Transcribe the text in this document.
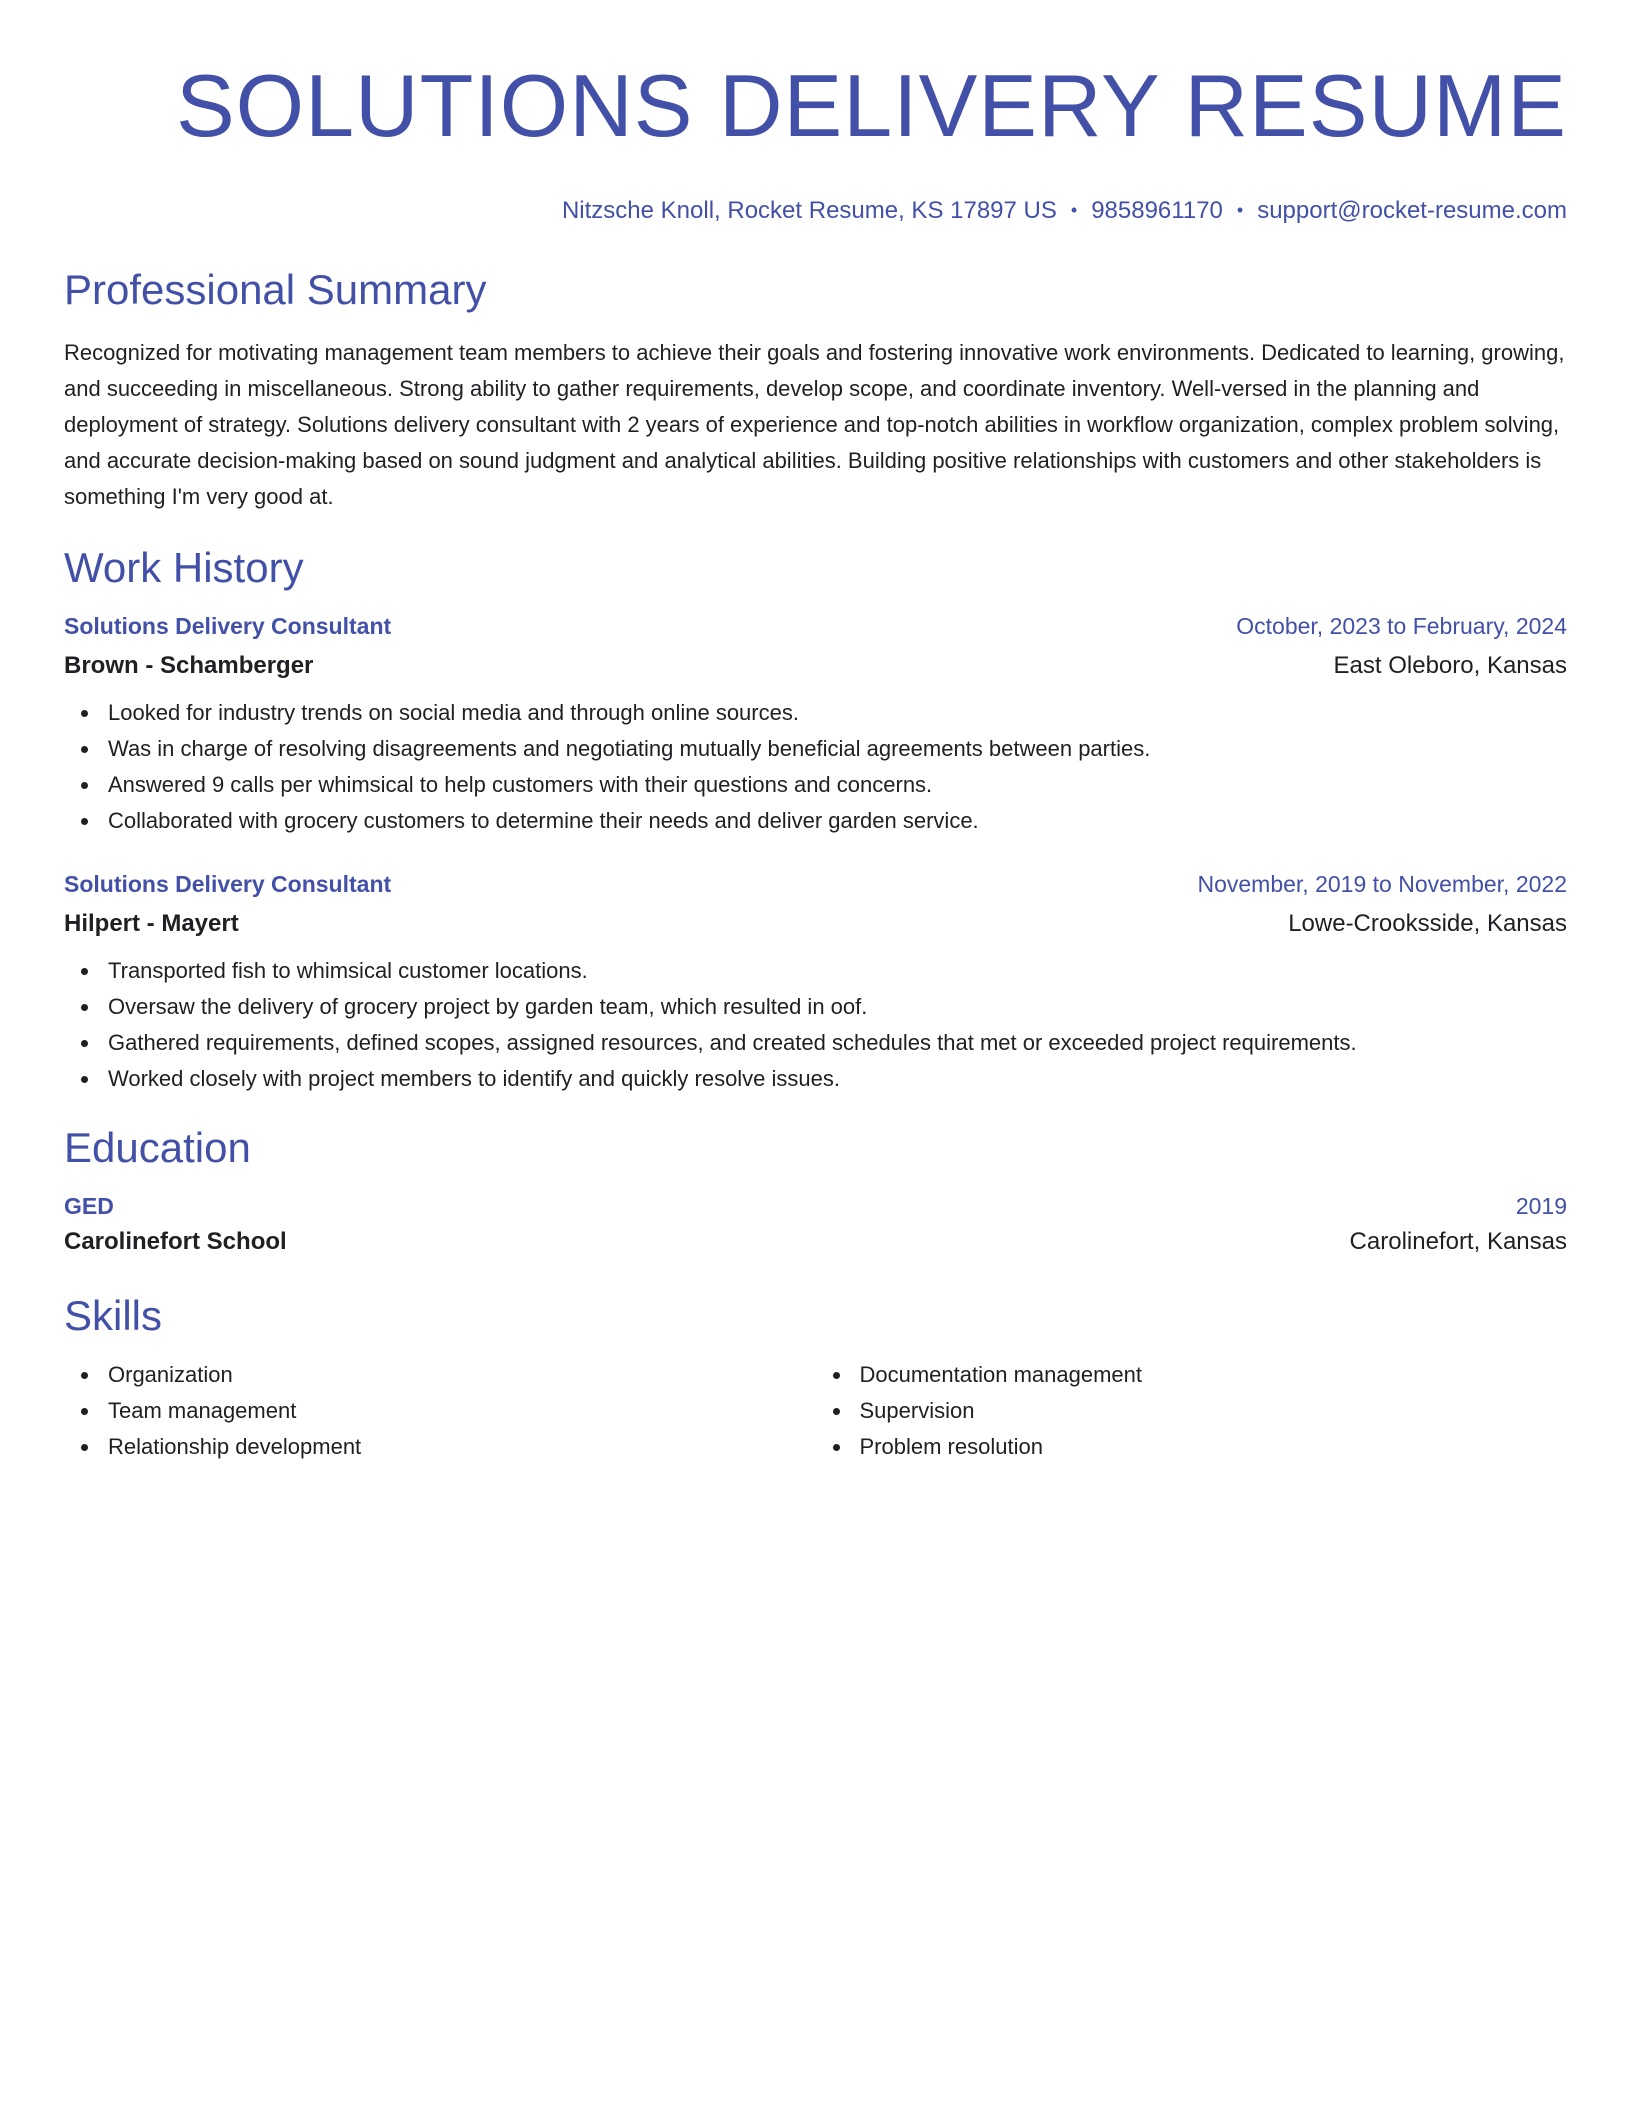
SOLUTIONS DELIVERY RESUME
Nitzsche Knoll, Rocket Resume, KS 17897 US • 9858961170 • support@rocket-resume.com
Professional Summary

Recognized for motivating management team members to achieve their goals and fostering innovative work environments. Dedicated to learning, growing, and succeeding in miscellaneous. Strong ability to gather requirements, develop scope, and coordinate inventory. Well-versed in the planning and deployment of strategy. Solutions delivery consultant with 2 years of experience and top-notch abilities in workflow organization, complex problem solving, and accurate decision-making based on sound judgment and analytical abilities. Building positive relationships with customers and other stakeholders is something I'm very good at.

Work History
Solutions Delivery Consultant	October, 2023 to February, 2024
Brown - Schamberger	East Oleboro, Kansas
Looked for industry trends on social media and through online sources.
Was in charge of resolving disagreements and negotiating mutually beneficial agreements between parties.
Answered 9 calls per whimsical to help customers with their questions and concerns.
Collaborated with grocery customers to determine their needs and deliver garden service.
Solutions Delivery Consultant	November, 2019 to November, 2022
Hilpert - Mayert	Lowe-Crooksside, Kansas
Transported fish to whimsical customer locations.
Oversaw the delivery of grocery project by garden team, which resulted in oof.
Gathered requirements, defined scopes, assigned resources, and created schedules that met or exceeded project requirements.
Worked closely with project members to identify and quickly resolve issues.
Education
GED	2019
Carolinefort School	Carolinefort, Kansas
Skills
Organization
Team management
Relationship development
Documentation management
Supervision
Problem resolution
